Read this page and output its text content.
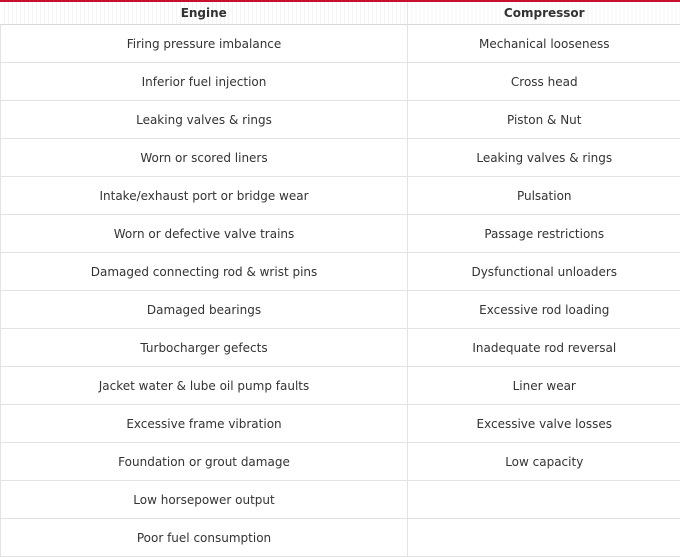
Engine	Compressor
Firing pressure imbalance	Mechanical looseness
Inferior fuel injection	Cross head
Leaking valves & rings	Piston & Nut
Worn or scored liners	Leaking valves & rings
Intake/exhaust port or bridge wear	Pulsation
Worn or defective valve trains	Passage restrictions
Damaged connecting rod & wrist pins	Dysfunctional unloaders
Damaged bearings	Excessive rod loading
Turbocharger gefects	Inadequate rod reversal
Jacket water & lube oil pump faults	Liner wear
Excessive frame vibration	Excessive valve losses
Foundation or grout damage	Low capacity
Low horsepower output	
Poor fuel consumption	
